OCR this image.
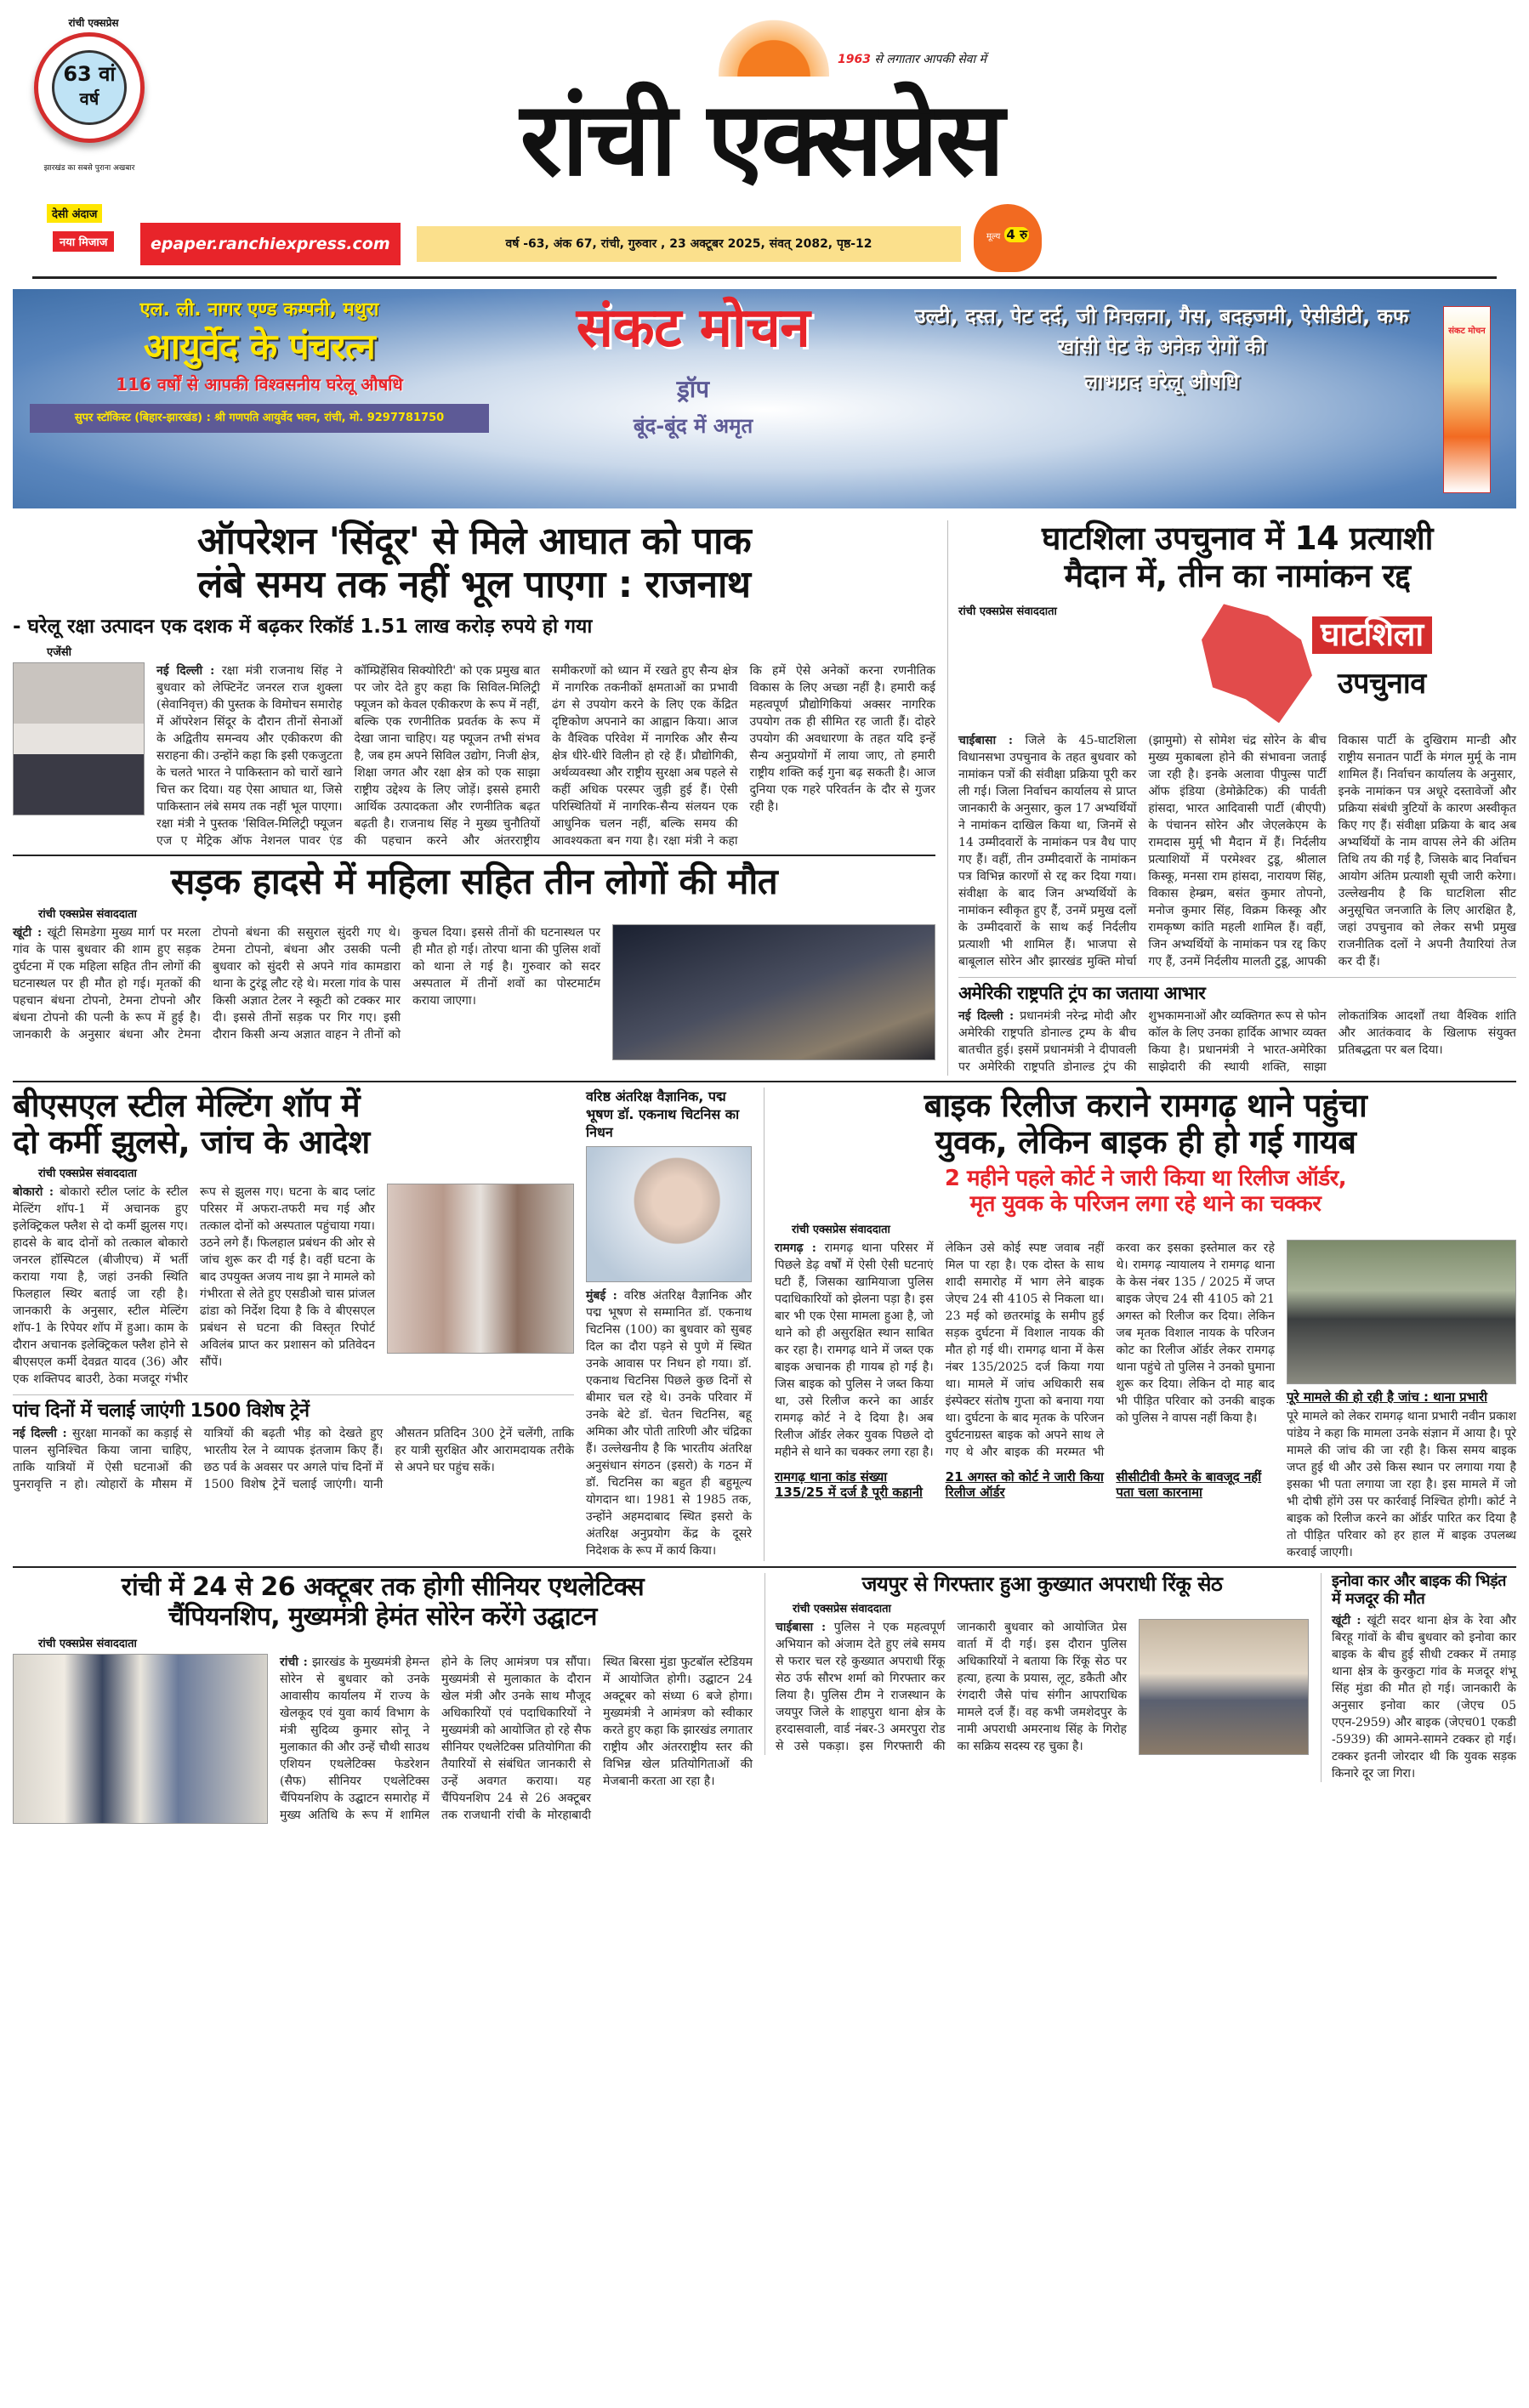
63 वां
वर्ष
रांची एक्सप्रेस
झारखंड का सबसे पुराना अखबार
देसी अंदाज
नया मिजाज
1963 से लगातार आपकी सेवा में
रांची एक्सप्रेस
epaper.ranchiexpress.com	वर्ष -63, अंक 67, रांची, गुरुवार , 23 अक्टूबर 2025, संवत् 2082, पृष्ठ-12
मूल्य 4 रु
एल. ली. नागर एण्ड कम्पनी, मथुरा
आयुर्वेद के पंचरत्न
116 वर्षों से आपकी विश्वसनीय घरेलू औषधि
सुपर स्टॉकिस्ट (बिहार-झारखंड) : श्री गणपति आयुर्वेद भवन, रांची, मो. 9297781750
संकट मोचन
ड्रॉप
बूंद-बूंद में अमृत
उल्टी, दस्त, पेट दर्द, जी मिचलना, गैस, बदहजमी, ऐसीडीटी, कफ खांसी पेट के अनेक रोगों की
लाभप्रद घरेलू औषधि
संकट मोचन
ऑपरेशन 'सिंदूर' से मिले आघात को पाक
लंबे समय तक नहीं भूल पाएगा : राजनाथ
- घरेलू रक्षा उत्पादन एक दशक में बढ़कर रिकॉर्ड 1.51 लाख करोड़ रुपये हो गया
एजेंसी
नई दिल्ली : रक्षा मंत्री राजनाथ सिंह ने बुधवार को लेफ्टिनेंट जनरल राज शुक्ला (सेवानिवृत्त) की पुस्तक के विमोचन समारोह में ऑपरेशन सिंदूर के दौरान तीनों सेनाओं के अद्वितीय समन्वय और एकीकरण की सराहना की। उन्होंने कहा कि इसी एकजुटता के चलते भारत ने पाकिस्तान को चारों खाने चित्त कर दिया। यह ऐसा आघात था, जिसे पाकिस्तान लंबे समय तक नहीं भूल पाएगा। रक्षा मंत्री ने पुस्तक 'सिविल-मिलिट्री फ्यूजन एज ए मेट्रिक ऑफ नेशनल पावर एंड कॉम्प्रिहेंसिव सिक्योरिटी' को एक प्रमुख बात पर जोर देते हुए कहा कि सिविल-मिलिट्री फ्यूजन को केवल एकीकरण के रूप में नहीं, बल्कि एक रणनीतिक प्रवर्तक के रूप में देखा जाना चाहिए। यह फ्यूजन तभी संभव है, जब हम अपने सिविल उद्योग, निजी क्षेत्र, शिक्षा जगत और रक्षा क्षेत्र को एक साझा राष्ट्रीय उद्देश्य के लिए जोड़ें। इससे हमारी आर्थिक उत्पादकता और रणनीतिक बढ़त बढ़ती है। राजनाथ सिंह ने मुख्य चुनौतियों की पहचान करने और अंतरराष्ट्रीय समीकरणों को ध्यान में रखते हुए सैन्य क्षेत्र में नागरिक तकनीकों क्षमताओं का प्रभावी ढंग से उपयोग करने के लिए एक केंद्रित दृष्टिकोण अपनाने का आह्वान किया। आज के वैश्विक परिवेश में नागरिक और सैन्य क्षेत्र धीरे-धीरे विलीन हो रहे हैं। प्रौद्योगिकी, अर्थव्यवस्था और राष्ट्रीय सुरक्षा अब पहले से कहीं अधिक परस्पर जुड़ी हुई हैं। ऐसी परिस्थितियों में नागरिक-सैन्य संलयन एक आधुनिक चलन नहीं, बल्कि समय की आवश्यकता बन गया है। रक्षा मंत्री ने कहा कि हमें ऐसे अनेकों करना रणनीतिक विकास के लिए अच्छा नहीं है। हमारी कई महत्वपूर्ण प्रौद्योगिकियां अक्सर नागरिक उपयोग तक ही सीमित रह जाती हैं। दोहरे उपयोग की अवधारणा के तहत यदि इन्हें सैन्य अनुप्रयोगों में लाया जाए, तो हमारी राष्ट्रीय शक्ति कई गुना बढ़ सकती है। आज दुनिया एक गहरे परिवर्तन के दौर से गुजर रही है।
सड़क हादसे में महिला सहित तीन लोगों की मौत
रांची एक्सप्रेस संवाददाता
खूंटी : खूंटी सिमडेगा मुख्य मार्ग पर मरला गांव के पास बुधवार की शाम हुए सड़क दुर्घटना में एक महिला सहित तीन लोगों की घटनास्थल पर ही मौत हो गई। मृतकों की पहचान बंधना टोपनो, टेमना टोपनो और बंधना टोपनो की पत्नी के रूप में हुई है। जानकारी के अनुसार बंधना और टेमना टोपनो बंधना की ससुराल सुंदरी गए थे। टेमना टोपनो, बंधना और उसकी पत्नी बुधवार को सुंदरी से अपने गांव कामडारा थाना के टुरंडू लौट रहे थे। मरला गांव के पास किसी अज्ञात टेलर ने स्कूटी को टक्कर मार दी। इससे तीनों सड़क पर गिर गए। इसी दौरान किसी अन्य अज्ञात वाहन ने तीनों को कुचल दिया। इससे तीनों की घटनास्थल पर ही मौत हो गई। तोरपा थाना की पुलिस शवों को थाना ले गई है। गुरुवार को सदर अस्पताल में तीनों शवों का पोस्टमार्टम कराया जाएगा।
घाटशिला उपचुनाव में 14 प्रत्याशी
मैदान में, तीन का नामांकन रद्द
रांची एक्सप्रेस संवाददाता
घाटशिला
उपचुनाव
चाईबासा : जिले के 45-घाटशिला विधानसभा उपचुनाव के तहत बुधवार को नामांकन पत्रों की संवीक्षा प्रक्रिया पूरी कर ली गई। जिला निर्वाचन कार्यालय से प्राप्त जानकारी के अनुसार, कुल 17 अभ्यर्थियों ने नामांकन दाखिल किया था, जिनमें से 14 उम्मीदवारों के नामांकन पत्र वैध पाए गए हैं। वहीं, तीन उम्मीदवारों के नामांकन पत्र विभिन्न कारणों से रद्द कर दिया गया। संवीक्षा के बाद जिन अभ्यर्थियों के नामांकन स्वीकृत हुए हैं, उनमें प्रमुख दलों के उम्मीदवारों के साथ कई निर्दलीय प्रत्याशी भी शामिल हैं। भाजपा से बाबूलाल सोरेन और झारखंड मुक्ति मोर्चा (झामुमो) से सोमेश चंद्र सोरेन के बीच मुख्य मुकाबला होने की संभावना जताई जा रही है। इनके अलावा पीपुल्स पार्टी ऑफ इंडिया (डेमोक्रेटिक) की पार्वती हांसदा, भारत आदिवासी पार्टी (बीएपी) के पंचानन सोरेन और जेएलकेएम के रामदास मुर्मू भी मैदान में हैं। निर्दलीय प्रत्याशियों में परमेश्वर टुडू, श्रीलाल किस्कू, मनसा राम हांसदा, नारायण सिंह, विकास हेम्ब्रम, बसंत कुमार तोपनो, मनोज कुमार सिंह, विक्रम किस्कू और रामकृष्ण कांति महली शामिल हैं। वहीं, जिन अभ्यर्थियों के नामांकन पत्र रद्द किए गए हैं, उनमें निर्दलीय मालती टुडू, आपकी विकास पार्टी के दुखिराम मान्डी और राष्ट्रीय सनातन पार्टी के मंगल मुर्मू के नाम शामिल हैं। निर्वाचन कार्यालय के अनुसार, इनके नामांकन पत्र अधूरे दस्तावेजों और प्रक्रिया संबंधी त्रुटियों के कारण अस्वीकृत किए गए हैं। संवीक्षा प्रक्रिया के बाद अब अभ्यर्थियों के नाम वापस लेने की अंतिम तिथि तय की गई है, जिसके बाद निर्वाचन आयोग अंतिम प्रत्याशी सूची जारी करेगा। उल्लेखनीय है कि घाटशिला सीट अनुसूचित जनजाति के लिए आरक्षित है, जहां उपचुनाव को लेकर सभी प्रमुख राजनीतिक दलों ने अपनी तैयारियां तेज कर दी हैं।
अमेरिकी राष्ट्रपति ट्रंप का जताया आभार
नई दिल्ली : प्रधानमंत्री नरेन्द्र मोदी और अमेरिकी राष्ट्रपति डोनाल्ड ट्रम्प के बीच बातचीत हुई। इसमें प्रधानमंत्री ने दीपावली पर अमेरिकी राष्ट्रपति डोनाल्ड ट्रंप की शुभकामनाओं और व्यक्तिगत रूप से फोन कॉल के लिए उनका हार्दिक आभार व्यक्त किया है। प्रधानमंत्री ने भारत-अमेरिका साझेदारी की स्थायी शक्ति, साझा लोकतांत्रिक आदर्शों तथा वैश्विक शांति और आतंकवाद के खिलाफ संयुक्त प्रतिबद्धता पर बल दिया।
बीएसएल स्टील मेल्टिंग शॉप में
दो कर्मी झुलसे, जांच के आदेश
रांची एक्सप्रेस संवाददाता
बोकारो : बोकारो स्टील प्लांट के स्टील मेल्टिंग शॉप-1 में अचानक हुए इलेक्ट्रिकल फ्लैश से दो कर्मी झुलस गए। हादसे के बाद दोनों को तत्काल बोकारो जनरल हॉस्पिटल (बीजीएच) में भर्ती कराया गया है, जहां उनकी स्थिति फिलहाल स्थिर बताई जा रही है। जानकारी के अनुसार, स्टील मेल्टिंग शॉप-1 के रिपेयर शॉप में हुआ। काम के दौरान अचानक इलेक्ट्रिकल फ्लैश होने से बीएसएल कर्मी देवव्रत यादव (36) और एक शक्तिपद बाउरी, ठेका मजदूर गंभीर रूप से झुलस गए। घटना के बाद प्लांट परिसर में अफरा-तफरी मच गई और तत्काल दोनों को अस्पताल पहुंचाया गया। उठने लगे हैं। फिलहाल प्रबंधन की ओर से जांच शुरू कर दी गई है। वहीं घटना के बाद उपयुक्त अजय नाथ झा ने मामले को गंभीरता से लेते हुए एसडीओ चास प्रांजल ढांडा को निर्देश दिया है कि वे बीएसएल प्रबंधन से घटना की विस्तृत रिपोर्ट अविलंब प्राप्त कर प्रशासन को प्रतिवेदन सौंपें।
पांच दिनों में चलाई जाएंगी 1500 विशेष ट्रेनें
नई दिल्ली : सुरक्षा मानकों का कड़ाई से पालन सुनिश्चित किया जाना चाहिए, ताकि यात्रियों में ऐसी घटनाओं की पुनरावृत्ति न हो। त्योहारों के मौसम में यात्रियों की बढ़ती भीड़ को देखते हुए भारतीय रेल ने व्यापक इंतजाम किए हैं। छठ पर्व के अवसर पर अगले पांच दिनों में 1500 विशेष ट्रेनें चलाई जाएंगी। यानी औसतन प्रतिदिन 300 ट्रेनें चलेंगी, ताकि हर यात्री सुरक्षित और आरामदायक तरीके से अपने घर पहुंच सकें।
वरिष्ठ अंतरिक्ष वैज्ञानिक, पद्म भूषण डॉ. एकनाथ चिटनिस का निधन
मुंबई : वरिष्ठ अंतरिक्ष वैज्ञानिक और पद्म भूषण से सम्मानित डॉ. एकनाथ चिटनिस (100) का बुधवार को सुबह दिल का दौरा पड़ने से पुणे में स्थित उनके आवास पर निधन हो गया। डॉ. एकनाथ चिटनिस पिछले कुछ दिनों से बीमार चल रहे थे। उनके परिवार में उनके बेटे डॉ. चेतन चिटनिस, बहू अमिका और पोती तारिणी और चंद्रिका हैं। उल्लेखनीय है कि भारतीय अंतरिक्ष अनुसंधान संगठन (इसरो) के गठन में डॉ. चिटनिस का बहुत ही बहुमूल्य योगदान था। 1981 से 1985 तक, उन्होंने अहमदाबाद स्थित इसरो के अंतरिक्ष अनुप्रयोग केंद्र के दूसरे निदेशक के रूप में कार्य किया।
बाइक रिलीज कराने रामगढ़ थाने पहुंचा
युवक, लेकिन बाइक ही हो गई गायब
2 महीने पहले कोर्ट ने जारी किया था रिलीज ऑर्डर,
मृत युवक के परिजन लगा रहे थाने का चक्कर
रांची एक्सप्रेस संवाददाता
रामगढ़ : रामगढ़ थाना परिसर में पिछले डेढ़ वर्षों में ऐसी ऐसी घटनाएं घटी हैं, जिसका खामियाजा पुलिस पदाधिकारियों को झेलना पड़ा है। इस बार भी एक ऐसा मामला हुआ है, जो थाने को ही असुरक्षित स्थान साबित कर रहा है। रामगढ़ थाने में जब्त एक बाइक अचानक ही गायब हो गई है। जिस बाइक को पुलिस ने जब्त किया था, उसे रिलीज करने का आर्डर रामगढ़ कोर्ट ने दे दिया है। अब रिलीज ऑर्डर लेकर युवक पिछले दो महीने से थाने का चक्कर लगा रहा है। लेकिन उसे कोई स्पष्ट जवाब नहीं मिल पा रहा है। एक दोस्त के साथ शादी समारोह में भाग लेने बाइक जेएच 24 सी 4105 से निकला था। 23 मई को छतरमांडू के समीप हुई सड़क दुर्घटना में विशाल नायक की मौत हो गई थी। रामगढ़ थाना में केस नंबर 135/2025 दर्ज किया गया था। मामले में जांच अधिकारी सब इंस्पेक्टर संतोष गुप्ता को बनाया गया था। दुर्घटना के बाद मृतक के परिजन दुर्घटनाग्रस्त बाइक को अपने साथ ले गए थे और बाइक की मरम्मत भी करवा कर इसका इस्तेमाल कर रहे थे। रामगढ़ न्यायालय ने रामगढ़ थाना के केस नंबर 135 / 2025 में जप्त बाइक जेएच 24 सी 4105 को 21 अगस्त को रिलीज कर दिया। लेकिन जब मृतक विशाल नायक के परिजन कोट का रिलीज ऑर्डर लेकर रामगढ़ थाना पहुंचे तो पुलिस ने उनको घुमाना शुरू कर दिया। लेकिन दो माह बाद भी पीड़ित परिवार को उनकी बाइक को पुलिस ने वापस नहीं किया है।
रामगढ़ थाना कांड संख्या 135/25 में दर्ज है पूरी कहानी
21 अगस्त को कोर्ट ने जारी किया रिलीज ऑर्डर
सीसीटीवी कैमरे के बावजूद नहीं पता चला कारनामा
पूरे मामले की हो रही है जांच : थाना प्रभारी
पूरे मामले को लेकर रामगढ़ थाना प्रभारी नवीन प्रकाश पांडेय ने कहा कि मामला उनके संज्ञान में आया है। पूरे मामले की जांच की जा रही है। किस समय बाइक जप्त हुई थी और उसे किस स्थान पर लगाया गया है इसका भी पता लगाया जा रहा है। इस मामले में जो भी दोषी होंगे उस पर कार्रवाई निश्चित होगी। कोर्ट ने बाइक को रिलीज करने का ऑर्डर पारित कर दिया है तो पीड़ित परिवार को हर हाल में बाइक उपलब्ध करवाई जाएगी।
रांची में 24 से 26 अक्टूबर तक होगी सीनियर एथलेटिक्स
चैंपियनशिप, मुख्यमंत्री हेमंत सोरेन करेंगे उद्घाटन
रांची एक्सप्रेस संवाददाता
रांची : झारखंड के मुख्यमंत्री हेमन्त सोरेन से बुधवार को उनके आवासीय कार्यालय में राज्य के खेलकूद एवं युवा कार्य विभाग के मंत्री सुदिव्य कुमार सोनू ने मुलाकात की और उन्हें चौथी साउथ एशियन एथलेटिक्स फेडरेशन (सैफ) सीनियर एथलेटिक्स चैंपियनशिप के उद्घाटन समारोह में मुख्य अतिथि के रूप में शामिल होने के लिए आमंत्रण पत्र सौंपा। मुख्यमंत्री से मुलाकात के दौरान खेल मंत्री और उनके साथ मौजूद अधिकारियों एवं पदाधिकारियों ने मुख्यमंत्री को आयोजित हो रहे सैफ सीनियर एथलेटिक्स प्रतियोगिता की तैयारियों से संबंधित जानकारी से उन्हें अवगत कराया। यह चैंपियनशिप 24 से 26 अक्टूबर तक राजधानी रांची के मोरहाबादी स्थित बिरसा मुंडा फुटबॉल स्टेडियम में आयोजित होगी। उद्घाटन 24 अक्टूबर को संध्या 6 बजे होगा। मुख्यमंत्री ने आमंत्रण को स्वीकार करते हुए कहा कि झारखंड लगातार राष्ट्रीय और अंतरराष्ट्रीय स्तर की विभिन्न खेल प्रतियोगिताओं की मेजबानी करता आ रहा है।
जयपुर से गिरफ्तार हुआ कुख्यात अपराधी रिंकू सेठ
रांची एक्सप्रेस संवाददाता
चाईबासा : पुलिस ने एक महत्वपूर्ण अभियान को अंजाम देते हुए लंबे समय से फरार चल रहे कुख्यात अपराधी रिंकू सेठ उर्फ सौरभ शर्मा को गिरफ्तार कर लिया है। पुलिस टीम ने राजस्थान के जयपुर जिले के शाहपुरा थाना क्षेत्र के हरदासवाली, वार्ड नंबर-3 अमरपुरा रोड से उसे पकड़ा। इस गिरफ्तारी की जानकारी बुधवार को आयोजित प्रेस वार्ता में दी गई। इस दौरान पुलिस अधिकारियों ने बताया कि रिंकू सेठ पर हत्या, हत्या के प्रयास, लूट, डकैती और रंगदारी जैसे पांच संगीन आपराधिक मामले दर्ज हैं। वह कभी जमशेदपुर के नामी अपराधी अमरनाथ सिंह के गिरोह का सक्रिय सदस्य रह चुका है।
इनोवा कार और बाइक की भिड़ंत में मजदूर की मौत
खूंटी : खूंटी सदर थाना क्षेत्र के रेवा और बिरहू गांवों के बीच बुधवार को इनोवा कार बाइक के बीच हुई सीधी टक्कर में तमाड़ थाना क्षेत्र के कुरकुटा गांव के मजदूर शंभू सिंह मुंडा की मौत हो गई। जानकारी के अनुसार इनोवा कार (जेएच 05 एएन-2959) और बाइक (जेएच01 एकडी -5939) की आमने-सामने टक्कर हो गई। टक्कर इतनी जोरदार थी कि युवक सड़क किनारे दूर जा गिरा।
